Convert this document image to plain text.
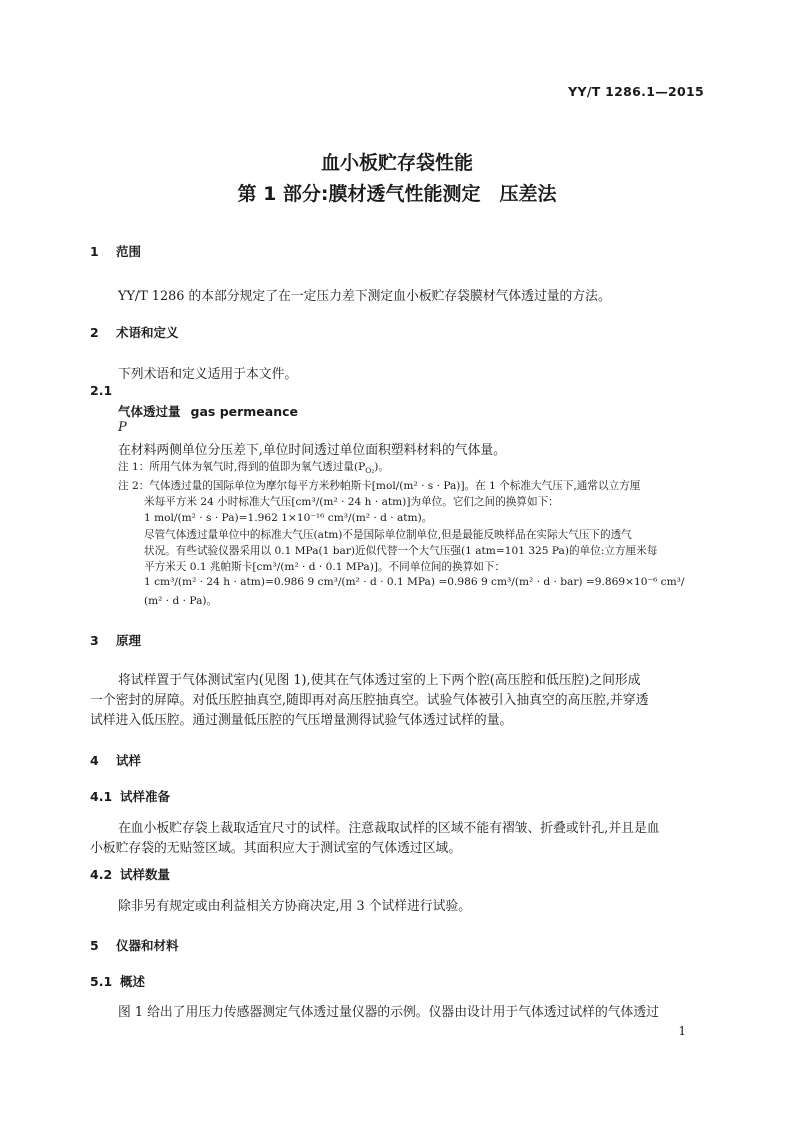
YY/T 1286.1—2015
血小板贮存袋性能
第 1 部分:膜材透气性能测定　压差法
1 范围
YY/T 1286 的本部分规定了在一定压力差下测定血小板贮存袋膜材气体透过量的方法。
2 术语和定义
下列术语和定义适用于本文件。
2.1
气体透过量 gas permeance
P
在材料两侧单位分压差下,单位时间透过单位面积塑料材料的气体量。
注 1：所用气体为氧气时,得到的值即为氧气透过量$(P_{O_2})$。
注 2：气体透过量的国际单位为摩尔每平方米秒帕斯卡[mol/(m² · s · Pa)]。在 1 个标准大气压下,通常以立方厘
米每平方米 24 小时标准大气压[cm³/(m² · 24 h · atm)]为单位。它们之间的换算如下：
1 mol/(m² · s · Pa)=1.962 1×10⁻¹⁶ cm³/(m² · d · atm)。
尽管气体透过量单位中的标准大气压(atm)不是国际单位制单位,但是最能反映样品在实际大气压下的透气
状况。有些试验仪器采用以 0.1 MPa(1 bar)近似代替一个大气压强(1 atm=101 325 Pa)的单位:立方厘米每
平方米天 0.1 兆帕斯卡[cm³/(m² · d · 0.1 MPa)]。不同单位间的换算如下：
1 cm³/(m² · 24 h · atm)=0.986 9 cm³/(m² · d · 0.1 MPa) =0.986 9 cm³/(m² · d · bar) =9.869×10⁻⁶ cm³/
(m² · d · Pa)。
3 原理
将试样置于气体测试室内(见图 1),使其在气体透过室的上下两个腔(高压腔和低压腔)之间形成
一个密封的屏障。对低压腔抽真空,随即再对高压腔抽真空。试验气体被引入抽真空的高压腔,并穿透
试样进入低压腔。通过测量低压腔的气压增量测得试验气体透过试样的量。
4 试样
4.1 试样准备
在血小板贮存袋上裁取适宜尺寸的试样。注意裁取试样的区域不能有褶皱、折叠或针孔,并且是血
小板贮存袋的无贴签区域。其面积应大于测试室的气体透过区域。
4.2 试样数量
除非另有规定或由利益相关方协商决定,用 3 个试样进行试验。
5 仪器和材料
5.1 概述
图 1 给出了用压力传感器测定气体透过量仪器的示例。仪器由设计用于气体透过试样的气体透过
1
